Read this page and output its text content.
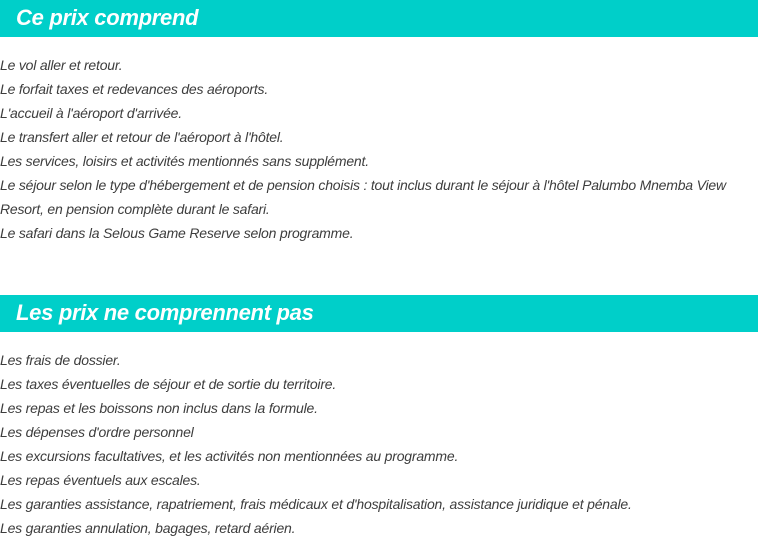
Ce prix comprend
Le vol aller et retour.
Le forfait taxes et redevances des aéroports.
L'accueil à l'aéroport d'arrivée.
Le transfert aller et retour de l'aéroport à l'hôtel.
Les services, loisirs et activités mentionnés sans supplément.
Le séjour selon le type d'hébergement et de pension choisis : tout inclus durant le séjour à l'hôtel Palumbo Mnemba View Resort, en pension complète durant le safari.
Le safari dans la Selous Game Reserve selon programme.
Les prix ne comprennent pas
Les frais de dossier.
Les taxes éventuelles de séjour et de sortie du territoire.
Les repas et les boissons non inclus dans la formule.
Les dépenses d'ordre personnel
Les excursions facultatives, et les activités non mentionnées au programme.
Les repas éventuels aux escales.
Les garanties assistance, rapatriement, frais médicaux et d'hospitalisation, assistance juridique et pénale.
Les garanties annulation, bagages, retard aérien.
